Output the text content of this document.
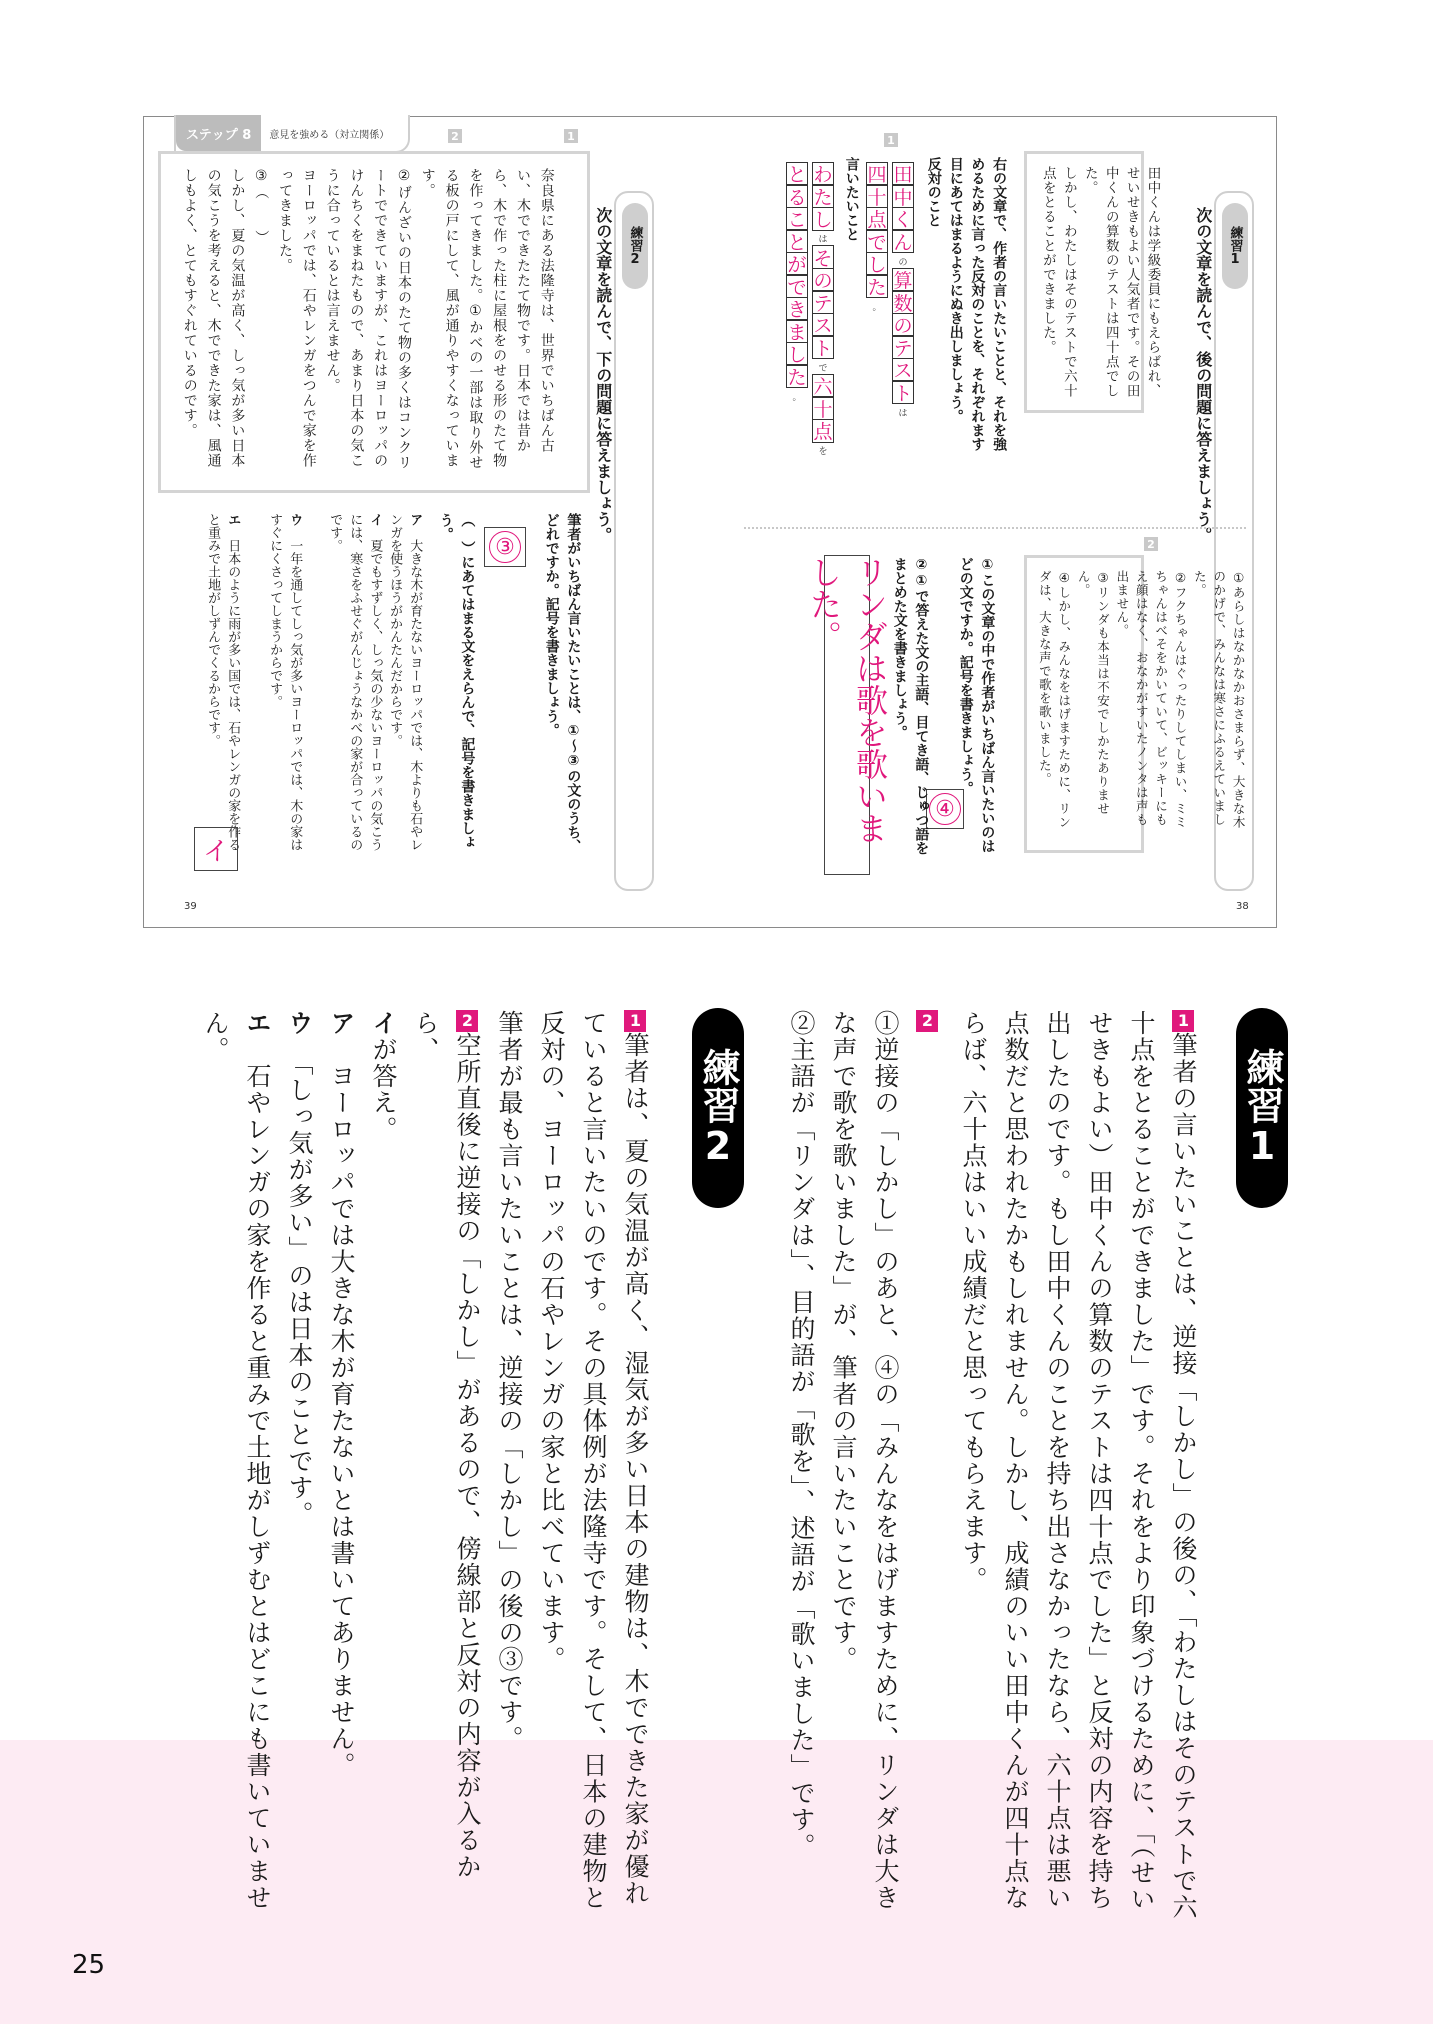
ステップ 8	意見を強める（対立関係）
練習1
次の文章を読んで、後の問題に答えましょう。
1

田中くんは学級委員にもえらばれ、せいせきもよい人気者です。その田中くんの算数のテストは四十点でした。

しかし、わたしはそのテストで六十点をとることができました。

右の文章で、作者の言いたいことと、それを強めるために言った反対のことを、それぞれます目にあてはまるようにぬき出しましょう。
反対のこと
田
中
く
ん
の
算
数
の
テ
ス
ト
は
四
十
点
で
し
た
。
言いたいこと
わ
た
し
は
そ
の
テ
ス
ト
で
六
十
点
を
と
る
こ
と
が
で
き
ま
し
た
。
2

①あらしはなかなかおさまらず、大きな木のかげで、みんなは寒さにふるえていました。

②フクちゃんはぐったりしてしまい、ミミちゃんはべそをかいていて、ビッキーにもえ顔はなく、おなかがすいたノンタは声も出ません。

③リンダも本当は不安でしかたありません。

④しかし、みんなをはげますために、リンダは、大きな声で歌を歌いました。

①この文章の中で作者がいちばん言いたいのはどの文ですか。記号を書きましょう。
④
②①で答えた文の主語、目てき語、じゅつ語をまとめた文を書きましょう。
リンダは歌を歌いました。
38
練習2
次の文章を読んで、下の問題に答えましょう。

奈良県にある法隆寺は、世界でいちばん古い、木でできたたて物です。日本では昔から、木で作った柱に屋根をのせる形のたて物を作ってきました。①かべの一部は取り外せる板の戸にして、風が通りやすくなっています。

②げんざいの日本のたて物の多くはコンクリートでできていますが、これはヨーロッパのけんちくをまねたもので、あまり日本の気こうに合っているとは言えません。

ヨーロッパでは、石やレンガをつんで家を作ってきました。

③（　　）

しかし、夏の気温が高く、しっ気が多い日本の気こうを考えると、木でできた家は、風通しもよく、とてもすぐれているのです。

1
2
筆者がいちばん言いたいことは、①〜③の文のうち、どれですか。記号を書きましょう。
③
（　）にあてはまる文をえらんで、記号を書きましょう。
ア　大きな木が育たないヨーロッパでは、木よりも石やレンガを使うほうがかんたんだからです。
イ　夏でもすずしく、しっ気の少ないヨーロッパの気こうには、寒さをふせぐがんじょうなかべの家が合っているのです。
ウ　一年を通してしっ気が多いヨーロッパでは、木の家はすぐにくさってしまうからです。
エ　日本のように雨が多い国では、石やレンガの家を作ると重みで土地がしずんでくるからです。
イ
39
練習1

1筆者の言いたいことは、逆接「しかし」の後の、「わたしはそのテストで六十点をとることができました」です。それをより印象づけるために、「（せいせきもよい）田中くんの算数のテストは四十点でした」と反対の内容を持ち出したのです。もし田中くんのことを持ち出さなかったなら、六十点は悪い点数だと思われたかもしれません。しかし、成績のいい田中くんが四十点ならば、六十点はいい成績だと思ってもらえます。

2

①逆接の「しかし」のあと、④の「みんなをはげますために、リンダは大きな声で歌を歌いました」が、筆者の言いたいことです。

②主語が「リンダは」、目的語が「歌を」、述語が「歌いました」です。

練習2

1筆者は、夏の気温が高く、湿気が多い日本の建物は、木でできた家が優れていると言いたいのです。その具体例が法隆寺です。そして、日本の建物と反対の、ヨーロッパの石やレンガの家と比べています。

筆者が最も言いたいことは、逆接の「しかし」の後の③です。

2空所直後に逆接の「しかし」があるので、傍線部と反対の内容が入るから、

イが答え。

ア　ヨーロッパでは大きな木が育たないとは書いてありません。

ウ　「しっ気が多い」のは日本のことです。

エ　石やレンガの家を作ると重みで土地がしずむとはどこにも書いていません。

25
